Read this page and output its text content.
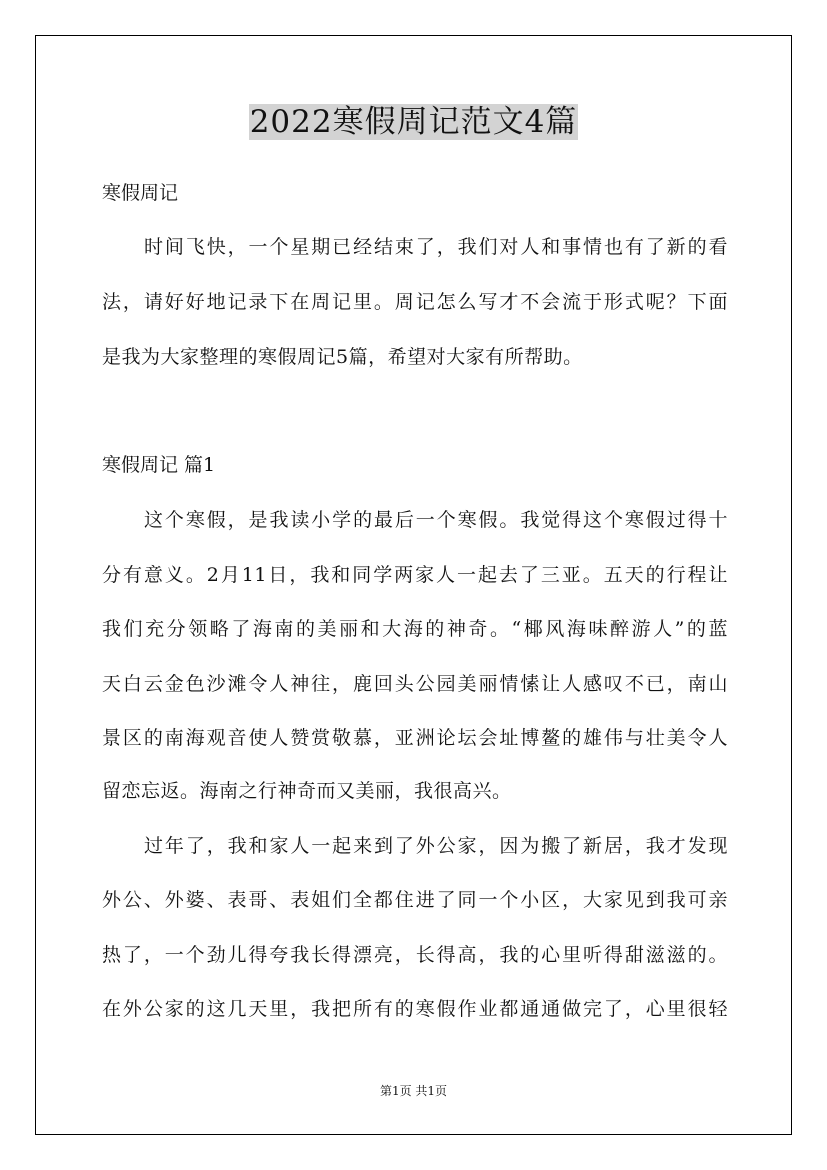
2022寒假周记范文4篇
寒假周记
时间飞快，一个星期已经结束了，我们对人和事情也有了新的看
法，请好好地记录下在周记里。周记怎么写才不会流于形式呢？下面
是我为大家整理的寒假周记5篇，希望对大家有所帮助。
寒假周记 篇1
这个寒假，是我读小学的最后一个寒假。我觉得这个寒假过得十
分有意义。2月11日，我和同学两家人一起去了三亚。五天的行程让
我们充分领略了海南的美丽和大海的神奇。“椰风海味醉游人”的蓝
天白云金色沙滩令人神往，鹿回头公园美丽情愫让人感叹不已，南山
景区的南海观音使人赞赏敬慕，亚洲论坛会址博鳌的雄伟与壮美令人
留恋忘返。海南之行神奇而又美丽，我很高兴。
过年了，我和家人一起来到了外公家，因为搬了新居，我才发现
外公、外婆、表哥、表姐们全都住进了同一个小区，大家见到我可亲
热了，一个劲儿得夸我长得漂亮，长得高，我的心里听得甜滋滋的。
在外公家的这几天里，我把所有的寒假作业都通通做完了，心里很轻
第1页 共1页
